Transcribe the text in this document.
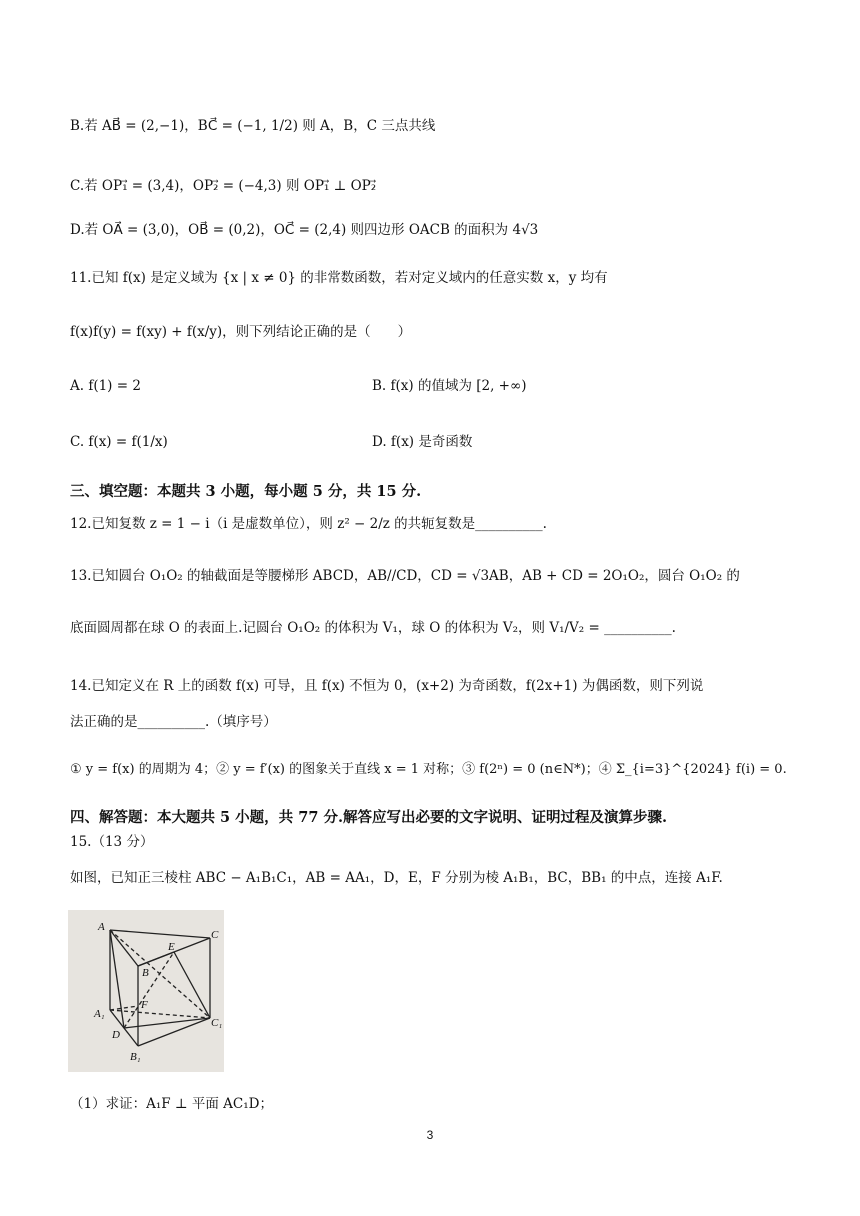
B.若 AB⃗ = (2,−1)，BC⃗ = (−1, 1/2) 则 A，B，C 三点共线
C.若 OP₁⃗ = (3,4)，OP₂⃗ = (−4,3) 则 OP₁⃗ ⊥ OP₂⃗
D.若 OA⃗ = (3,0)，OB⃗ = (0,2)，OC⃗ = (2,4) 则四边形 OACB 的面积为 4√3
11.已知 f(x) 是定义域为 {x | x ≠ 0} 的非常数函数，若对定义域内的任意实数 x，y 均有
f(x)f(y) = f(xy) + f(x/y)，则下列结论正确的是（　　）
A. f(1) = 2	B. f(x) 的值域为 [2, +∞)
C. f(x) = f(1/x)	D. f(x) 是奇函数
三、填空题：本题共 3 小题，每小题 5 分，共 15 分.
12.已知复数 z = 1 − i（i 是虚数单位），则 z² − 2/z 的共轭复数是__________.
13.已知圆台 O₁O₂ 的轴截面是等腰梯形 ABCD，AB//CD，CD = √3AB，AB + CD = 2O₁O₂，圆台 O₁O₂ 的
底面圆周都在球 O 的表面上.记圆台 O₁O₂ 的体积为 V₁，球 O 的体积为 V₂，则 V₁/V₂ = __________.
14.已知定义在 R 上的函数 f(x) 可导，且 f(x) 不恒为 0，(x+2) 为奇函数，f(2x+1) 为偶函数，则下列说
法正确的是__________.（填序号）
① y = f(x) 的周期为 4；② y = f′(x) 的图象关于直线 x = 1 对称；③ f(2ⁿ) = 0 (n∈N*)；④ Σ_{i=3}^{2024} f(i) = 0.
四、解答题：本大题共 5 小题，共 77 分.解答应写出必要的文字说明、证明过程及演算步骤.
15.（13 分）
如图，已知正三棱柱 ABC − A₁B₁C₁，AB = AA₁，D，E，F 分别为棱 A₁B₁，BC，BB₁ 的中点，连接 A₁F.
A
C
E
B
F
A₁
C₁
D
B₁
（1）求证：A₁F ⊥ 平面 AC₁D；
3
